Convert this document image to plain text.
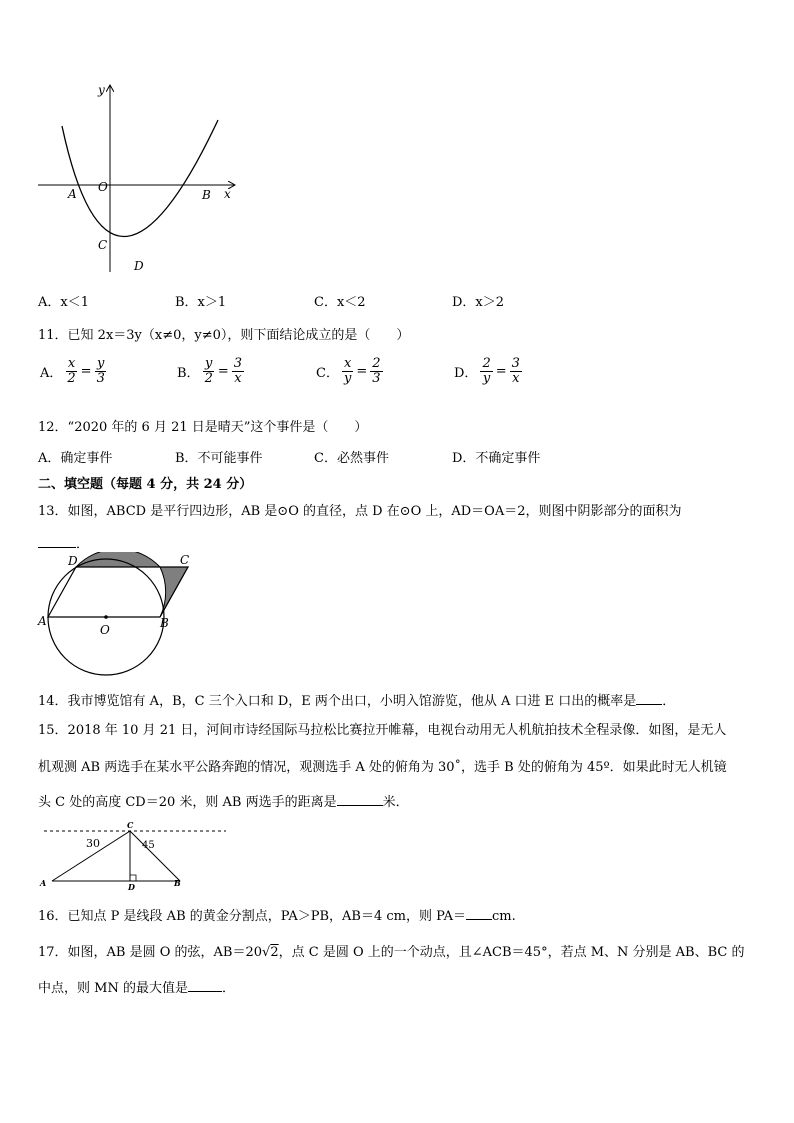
y
x
O
A	B
C
D
A．x＜1	B．x＞1	C．x＜2	D．x＞2
11．已知 2x＝3y（x≠0，y≠0），则下面结论成立的是（　　）
A． $\frac{x}{2} = \frac{y}{3}$	B． $\frac{y}{2} = \frac{3}{x}$	C． $\frac{x}{y} = \frac{2}{3}$	D． $\frac{2}{y} = \frac{3}{x}$
12．“2020 年的 6 月 21 日是晴天”这个事件是（　　）
A．确定事件	B．不可能事件	C．必然事件	D．不确定事件
二、填空题（每题 4 分，共 24 分）
13．如图，ABCD 是平行四边形，AB 是⊙O 的直径，点 D 在⊙O 上，AD＝OA＝2，则图中阴影部分的面积为
．
A	B
C
D
O
14．我市博览馆有 A，B，C 三个入口和 D，E 两个出口，小明入馆游览，他从 A 口进 E 口出的概率是 ．
15．2018 年 10 月 21 日，河间市诗经国际马拉松比赛拉开帷幕，电视台动用无人机航拍技术全程录像．如图，是无人
机观测 AB 两选手在某水平公路奔跑的情况，观测选手 A 处的俯角为 30˚，选手 B 处的俯角为 45º．如果此时无人机镜
头 C 处的高度 CD＝20 米，则 AB 两选手的距离是	米．
C
A	D	B
30	45
16．已知点 P 是线段 AB 的黄金分割点，PA＞PB，AB＝4 cm，则 PA＝ cm.
17．如图，AB 是圆 O 的弦，AB＝20√2，点 C 是圆 O 上的一个动点，且∠ACB＝45°，若点 M、N 分别是 AB、BC 的
中点，则 MN 的最大值是	．
